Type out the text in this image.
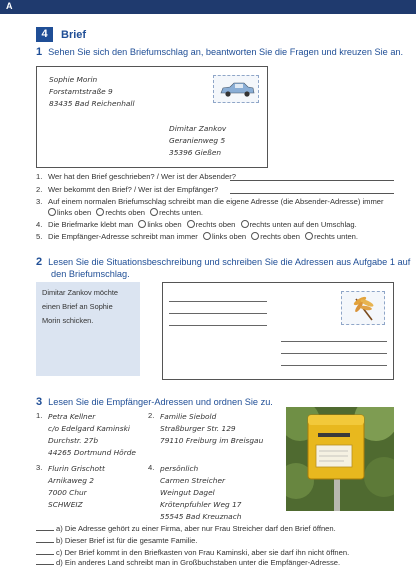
A
4	Brief
1 Sehen Sie sich den Briefumschlag an, beantworten Sie die Fragen und kreuzen Sie an.
Sophie Morin
Forstamtstraße 9
83435 Bad Reichenhall
Dimitar Zankov
Geranienweg 5
35396 Gießen
1. Wer hat den Brief geschrieben? / Wer ist der Absender?
2. Wer bekommt den Brief? / Wer ist der Empfänger?
3. Auf einem normalen Briefumschlag schreibt man die eigene Adresse (die Absender-Adresse) immer
links oben rechts oben rechts unten.
4. Die Briefmarke klebt man links oben rechts oben rechts unten auf den Umschlag.
5. Die Empfänger-Adresse schreibt man immer links oben rechts oben rechts unten.
2 Lesen Sie die Situationsbeschreibung und schreiben Sie die Adressen aus Aufgabe 1 auf
den Briefumschlag.
Dimitar Zankov möchte
einen Brief an Sophie
Morin schicken.
3 Lesen Sie die Empfänger-Adressen und ordnen Sie zu.
1. Petra Kellner
c/o Edelgard Kaminski
Durchstr. 27b
44265 Dortmund Hörde
2. Familie Siebold
Straßburger Str. 129
79110 Freiburg im Breisgau
3. Flurin Grischott
Arnikaweg 2
7000 Chur
SCHWEIZ
4. persönlich
Carmen Streicher
Weingut Dagel
Krötenpfuhler Weg 17
55545 Bad Kreuznach
a) Die Adresse gehört zu einer Firma, aber nur Frau Streicher darf den Brief öffnen.
b) Dieser Brief ist für die gesamte Familie.
c) Der Brief kommt in den Briefkasten von Frau Kaminski, aber sie darf ihn nicht öffnen.
d) Ein anderes Land schreibt man in Großbuchstaben unter die Empfänger-Adresse.
